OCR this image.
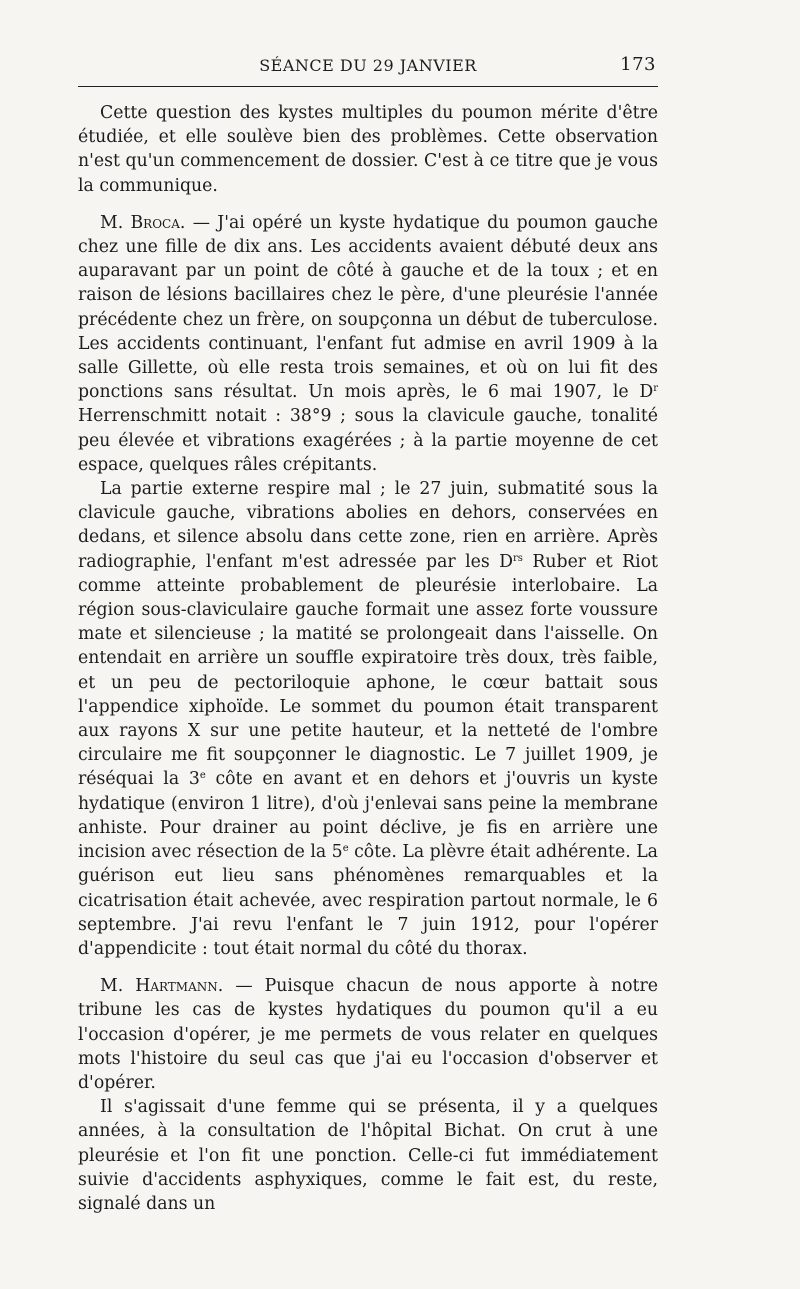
SÉANCE DU 29 JANVIER	173

Cette question des kystes multiples du poumon mérite d'être étudiée, et elle soulève bien des problèmes. Cette observation n'est qu'un commencement de dossier. C'est à ce titre que je vous la communique.

M. Broca. — J'ai opéré un kyste hydatique du poumon gauche chez une fille de dix ans. Les accidents avaient débuté deux ans auparavant par un point de côté à gauche et de la toux ; et en raison de lésions bacillaires chez le père, d'une pleurésie l'année précédente chez un frère, on soupçonna un début de tuberculose. Les accidents continuant, l'enfant fut admise en avril 1909 à la salle Gillette, où elle resta trois semaines, et où on lui fit des ponctions sans résultat. Un mois après, le 6 mai 1907, le $D^r$ Herrenschmitt notait : 38°9 ; sous la clavicule gauche, tonalité peu élevée et vibrations exagérées ; à la partie moyenne de cet espace, quelques râles crépitants.

La partie externe respire mal ; le 27 juin, submatité sous la clavicule gauche, vibrations abolies en dehors, conservées en dedans, et silence absolu dans cette zone, rien en arrière. Après radiographie, l'enfant m'est adressée par les $D^{rs}$ Ruber et Riot comme atteinte probablement de pleurésie interlobaire. La région sous-claviculaire gauche formait une assez forte voussure mate et silencieuse ; la matité se prolongeait dans l'aisselle. On entendait en arrière un souffle expiratoire très doux, très faible, et un peu de pectoriloquie aphone, le cœur battait sous l'appendice xiphoïde. Le sommet du poumon était transparent aux rayons X sur une petite hauteur, et la netteté de l'ombre circulaire me fit soupçonner le diagnostic. Le 7 juillet 1909, je réséquai la 3e côte en avant et en dehors et j'ouvris un kyste hydatique (environ 1 litre), d'où j'enlevai sans peine la membrane anhiste. Pour drainer au point déclive, je fis en arrière une incision avec résection de la 5e côte. La plèvre était adhérente. La guérison eut lieu sans phénomènes remarquables et la cicatrisation était achevée, avec respiration partout normale, le 6 septembre. J'ai revu l'enfant le 7 juin 1912, pour l'opérer d'appendicite : tout était normal du côté du thorax.

M. Hartmann. — Puisque chacun de nous apporte à notre tribune les cas de kystes hydatiques du poumon qu'il a eu l'occasion d'opérer, je me permets de vous relater en quelques mots l'histoire du seul cas que j'ai eu l'occasion d'observer et d'opérer.

Il s'agissait d'une femme qui se présenta, il y a quelques années, à la consultation de l'hôpital Bichat. On crut à une pleurésie et l'on fit une ponction. Celle-ci fut immédiatement suivie d'accidents asphyxiques, comme le fait est, du reste, signalé dans un
